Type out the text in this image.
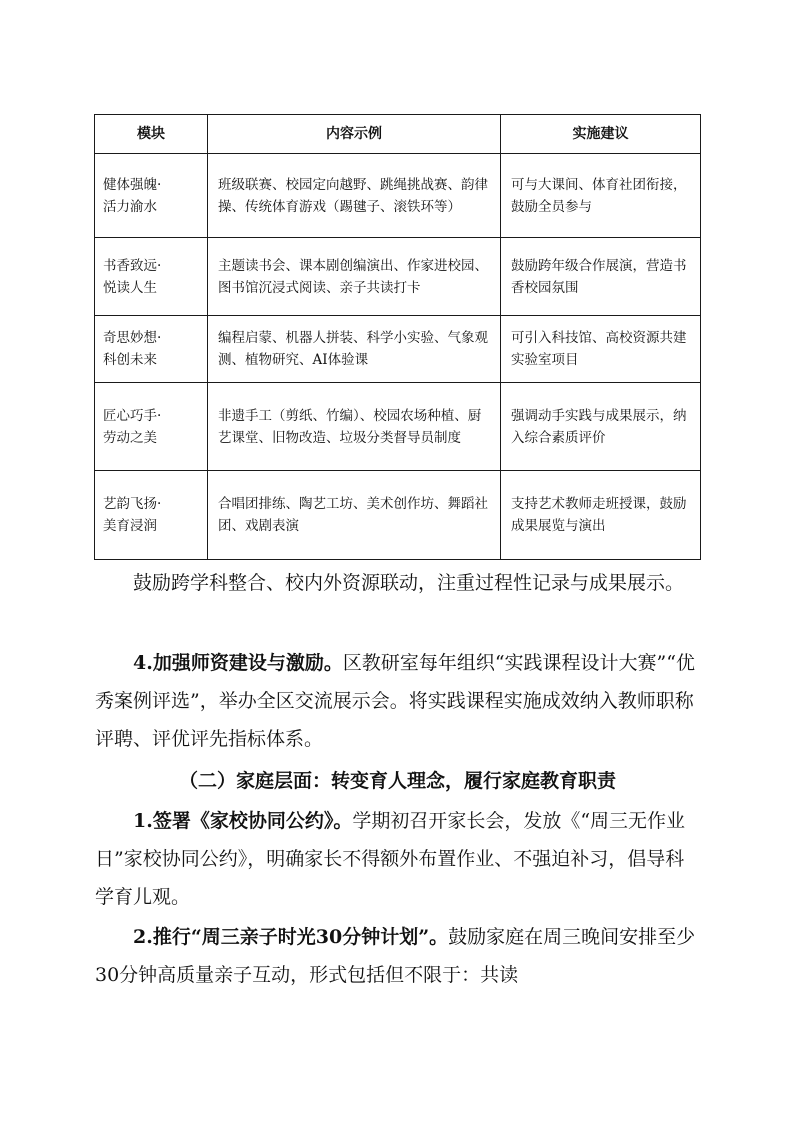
模块	内容示例	实施建议

健体强魄·
活力渝水	班级联赛、校园定向越野、跳绳挑战赛、韵律操、传统体育游戏（踢毽子、滚铁环等）	可与大课间、体育社团衔接，鼓励全员参与

书香致远·
悦读人生	主题读书会、课本剧创编演出、作家进校园、图书馆沉浸式阅读、亲子共读打卡	鼓励跨年级合作展演，营造书香校园氛围

奇思妙想·
科创未来	编程启蒙、机器人拼装、科学小实验、气象观测、植物研究、AI体验课	可引入科技馆、高校资源共建实验室项目

匠心巧手·
劳动之美	非遗手工（剪纸、竹编）、校园农场种植、厨艺课堂、旧物改造、垃圾分类督导员制度	强调动手实践与成果展示，纳入综合素质评价

艺韵飞扬·
美育浸润	合唱团排练、陶艺工坊、美术创作坊、舞蹈社团、戏剧表演	支持艺术教师走班授课，鼓励成果展览与演出

鼓励跨学科整合、校内外资源联动，注重过程性记录与成果展示。

4.加强师资建设与激励。区教研室每年组织“实践课程设计大赛”“优秀案例评选”，举办全区交流展示会。将实践课程实施成效纳入教师职称评聘、评优评先指标体系。

（二）家庭层面：转变育人理念，履行家庭教育职责

1.签署《家校协同公约》。学期初召开家长会，发放《“周三无作业日”家校协同公约》，明确家长不得额外布置作业、不强迫补习，倡导科学育儿观。

2.推行“周三亲子时光30分钟计划”。鼓励家庭在周三晚间安排至少30分钟高质量亲子互动，形式包括但不限于：共读
